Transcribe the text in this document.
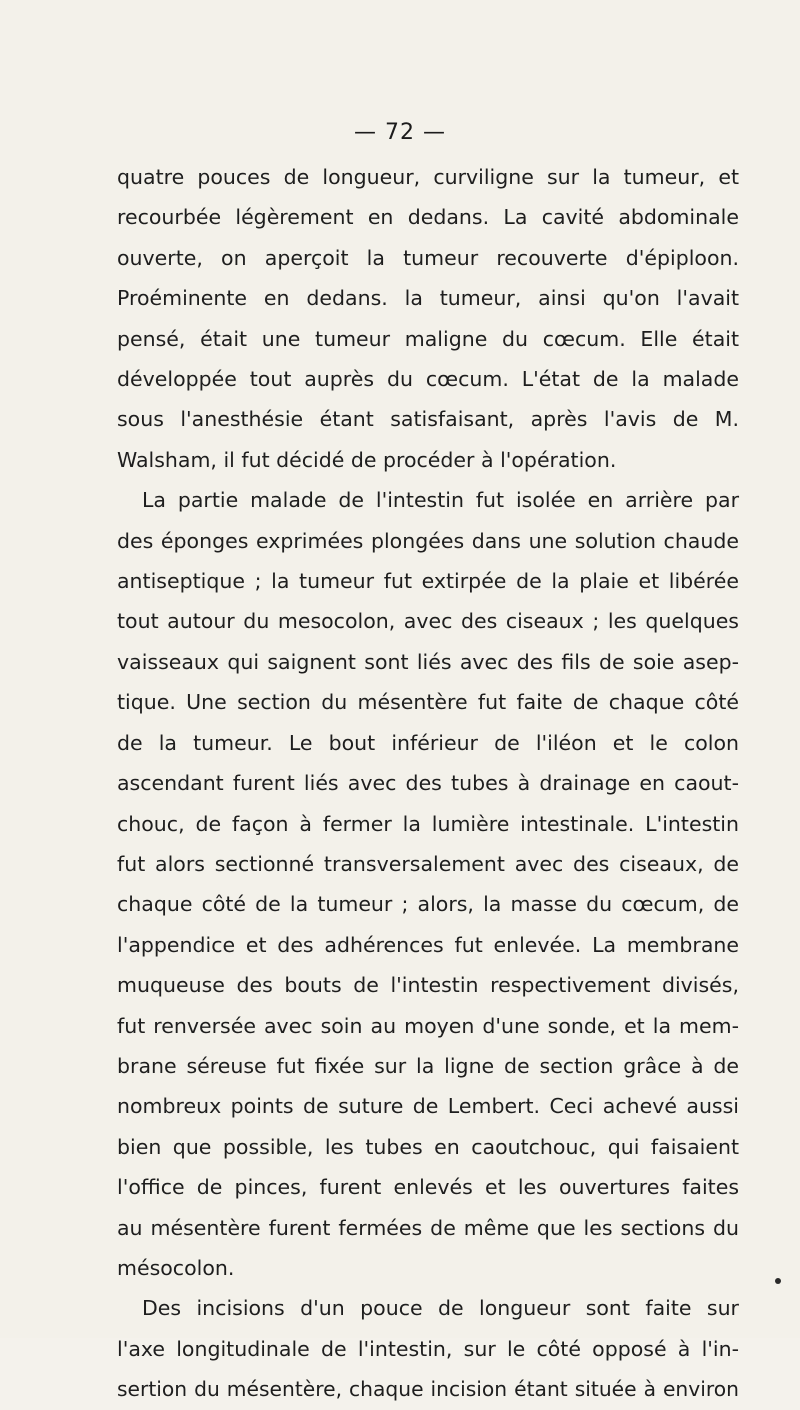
— 72 —
quatre pouces de longueur, curviligne sur la tumeur, et
recourbée légèrement en dedans. La cavité abdominale
ouverte, on aperçoit la tumeur recouverte d'épiploon.
Proéminente en dedans. la tumeur, ainsi qu'on l'avait
pensé, était une tumeur maligne du cœcum. Elle était
développée tout auprès du cœcum. L'état de la malade
sous l'anesthésie étant satisfaisant, après l'avis de M.
Walsham, il fut décidé de procéder à l'opération.
La partie malade de l'intestin fut isolée en arrière par
des éponges exprimées plongées dans une solution chaude
antiseptique ; la tumeur fut extirpée de la plaie et libérée
tout autour du mesocolon, avec des ciseaux ; les quelques
vaisseaux qui saignent sont liés avec des fils de soie asep-
tique. Une section du mésentère fut faite de chaque côté
de la tumeur. Le bout inférieur de l'iléon et le colon
ascendant furent liés avec des tubes à drainage en caout-
chouc, de façon à fermer la lumière intestinale. L'intestin
fut alors sectionné transversalement avec des ciseaux, de
chaque côté de la tumeur ; alors, la masse du cœcum, de
l'appendice et des adhérences fut enlevée. La membrane
muqueuse des bouts de l'intestin respectivement divisés,
fut renversée avec soin au moyen d'une sonde, et la mem-
brane séreuse fut fixée sur la ligne de section grâce à de
nombreux points de suture de Lembert. Ceci achevé aussi
bien que possible, les tubes en caoutchouc, qui faisaient
l'office de pinces, furent enlevés et les ouvertures faites
au mésentère furent fermées de même que les sections du
mésocolon.
Des incisions d'un pouce de longueur sont faite sur
l'axe longitudinale de l'intestin, sur le côté opposé à l'in-
sertion du mésentère, chaque incision étant située à environ
